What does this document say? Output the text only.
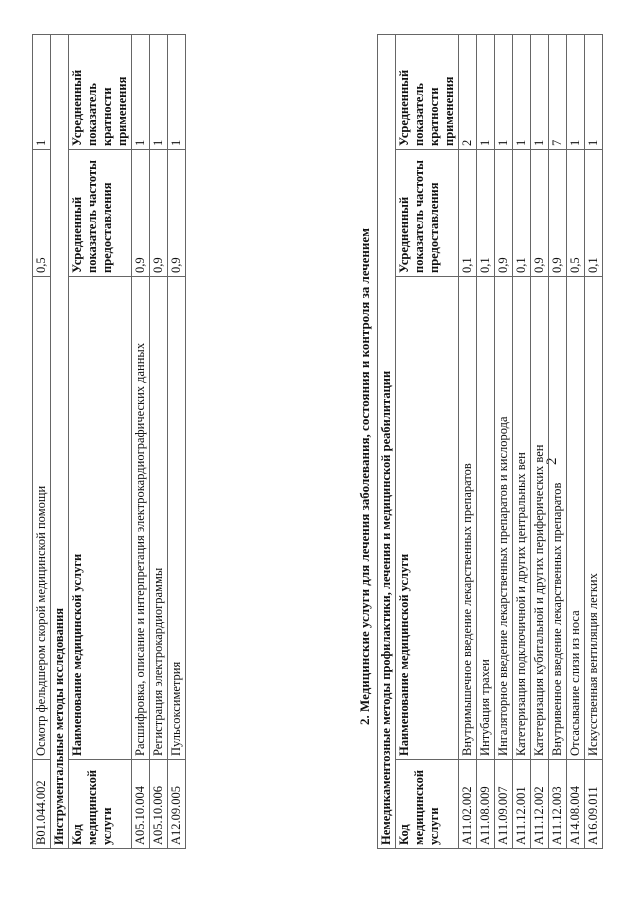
2
B01.044.002	Осмотр фельдшером скорой медицинской помощи	0,5	1
Инструментальные методы исследования			
Код медицинской услуги	Наименование медицинской услуги	Усредненный показатель частоты предоставления	Усредненный показатель кратности применения
A05.10.004	Расшифровка, описание и интерпретация электрокардиографических данных	0,9	1
A05.10.006	Регистрация электрокардиограммы	0,9	1
A12.09.005	Пульсоксиметрия	0,9	1
2. Медицинские услуги для лечения заболевания, состояния и контроля за лечением Немедикаментозные методы профилактики, лечения и медицинской реабилитации			
Код медицинской услуги	Наименование медицинской услуги	Усредненный показатель частоты предоставления	Усредненный показатель кратности применения
A11.02.002	Внутримышечное введение лекарственных препаратов	0,1	2
A11.08.009	Интубация трахеи	0,1	1
A11.09.007	Ингаляторное введение лекарственных препаратов и кислорода	0,9	1
A11.12.001	Катетеризация подключичной и других центральных вен	0,1	1
A11.12.002	Катетеризация кубитальной и других периферических вен	0,9	1
A11.12.003	Внутривенное введение лекарственных препаратов	0,9	7
A14.08.004	Отсасывание слизи из носа	0,5	1
A16.09.011	Искусственная вентиляция легких	0,1	1
